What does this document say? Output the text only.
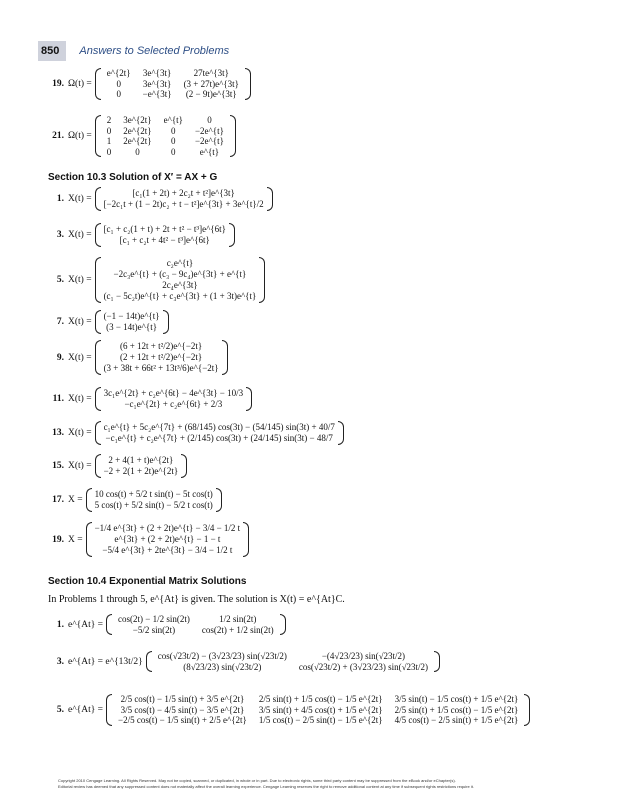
850	Answers to Selected Problems
19. Ω(t) =
e^{2t}	3e^{3t}	27te^{3t}
0	3e^{3t}	(3 + 27t)e^{3t}
0	−e^{3t}	(2 − 9t)e^{3t}
21. Ω(t) =
2	3e^{2t}	e^{t}	0
0	2e^{2t}	0	−2e^{t}
1	2e^{2t}	0	−2e^{t}
0	0	0	e^{t}
Section 10.3 Solution of X′ = AX + G
1. X(t) =
[c₁(1 + 2t) + 2c₂t + t²]e^{3t}
[−2c₁t + (1 − 2t)c₂ + t − t²]e^{3t} + 3e^{t}/2
3. X(t) =
[c₁ + c₂(1 + t) + 2t + t² − t³]e^{6t}
[c₁ + c₂t + 4t² − t³]e^{6t}
5. X(t) =
c₂e^{t}
−2c₃e^{t} + (c₃ − 9c₄)e^{3t} + e^{t}
2c₄e^{3t}
(c₁ − 5c₂t)e^{t} + c₃e^{3t} + (1 + 3t)e^{t}
7. X(t) =
(−1 − 14t)e^{t}
(3 − 14t)e^{t}
9. X(t) =
(6 + 12t + t²/2)e^{−2t}
(2 + 12t + t²/2)e^{−2t}
(3 + 38t + 66t² + 13t³/6)e^{−2t}
11. X(t) =
3c₁e^{2t} + c₂e^{6t} − 4e^{3t} − 10/3
−c₁e^{2t} + c₂e^{6t} + 2/3
13. X(t) =
c₁e^{t} + 5c₂e^{7t} + (68/145) cos(3t) − (54/145) sin(3t) + 40/7
−c₁e^{t} + c₂e^{7t} + (2/145) cos(3t) + (24/145) sin(3t) − 48/7
15. X(t) =
2 + 4(1 + t)e^{2t}
−2 + 2(1 + 2t)e^{2t}
17. X =
10 cos(t) + 5/2 t sin(t) − 5t cos(t)
5 cos(t) + 5/2 sin(t) − 5/2 t cos(t)
19. X =
−1/4 e^{3t} + (2 + 2t)e^{t} − 3/4 − 1/2 t
e^{3t} + (2 + 2t)e^{t} − 1 − t
−5/4 e^{3t} + 2te^{3t} − 3/4 − 1/2 t
Section 10.4 Exponential Matrix Solutions
In Problems 1 through 5, e^{At} is given. The solution is X(t) = e^{At}C.
1. e^{At} =
cos(2t) − 1/2 sin(2t)	1/2 sin(2t)
−5/2 sin(2t)	cos(2t) + 1/2 sin(2t)
3. e^{At} = e^{13t/2}
cos(√23t/2) − (3√23/23) sin(√23t/2)	−(4√23/23) sin(√23t/2)
(8√23/23) sin(√23t/2)	cos(√23t/2) + (3√23/23) sin(√23t/2)
5. e^{At} =
2/5 cos(t) − 1/5 sin(t) + 3/5 e^{2t}	2/5 sin(t) + 1/5 cos(t) − 1/5 e^{2t}	3/5 sin(t) − 1/5 cos(t) + 1/5 e^{2t}
3/5 cos(t) − 4/5 sin(t) − 3/5 e^{2t}	3/5 sin(t) + 4/5 cos(t) + 1/5 e^{2t}	2/5 sin(t) + 1/5 cos(t) − 1/5 e^{2t}
−2/5 cos(t) − 1/5 sin(t) + 2/5 e^{2t}	1/5 cos(t) − 2/5 sin(t) − 1/5 e^{2t}	4/5 cos(t) − 2/5 sin(t) + 1/5 e^{2t}
Copyright 2010 Cengage Learning. All Rights Reserved. May not be copied, scanned, or duplicated, in whole or in part. Due to electronic rights, some third party content may be suppressed from the eBook and/or eChapter(s).
Editorial review has deemed that any suppressed content does not materially affect the overall learning experience. Cengage Learning reserves the right to remove additional content at any time if subsequent rights restrictions require it.
